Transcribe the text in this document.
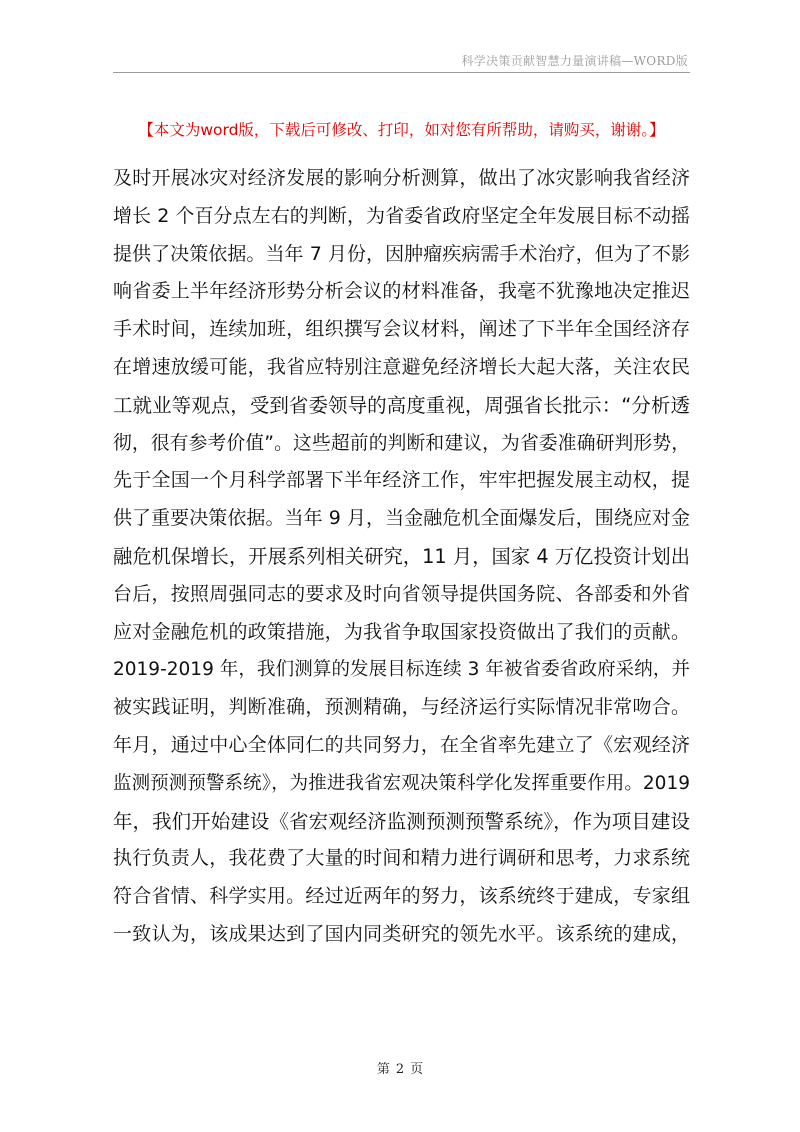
科学决策贡献智慧力量演讲稿—WORD版
【本文为word版，下载后可修改、打印，如对您有所帮助，请购买，谢谢。】
及时开展冰灾对经济发展的影响分析测算，做出了冰灾影响我省经济
增长 2 个百分点左右的判断，为省委省政府坚定全年发展目标不动摇
提供了决策依据。当年 7 月份，因肿瘤疾病需手术治疗，但为了不影
响省委上半年经济形势分析会议的材料准备，我毫不犹豫地决定推迟
手术时间，连续加班，组织撰写会议材料，阐述了下半年全国经济存
在增速放缓可能，我省应特别注意避免经济增长大起大落，关注农民
工就业等观点，受到省委领导的高度重视，周强省长批示：“分析透
彻，很有参考价值”。这些超前的判断和建议，为省委准确研判形势，
先于全国一个月科学部署下半年经济工作，牢牢把握发展主动权，提
供了重要决策依据。当年 9 月，当金融危机全面爆发后，围绕应对金
融危机保增长，开展系列相关研究，11 月，国家 4 万亿投资计划出
台后，按照周强同志的要求及时向省领导提供国务院、各部委和外省
应对金融危机的政策措施，为我省争取国家投资做出了我们的贡献。
2019-2019 年，我们测算的发展目标连续 3 年被省委省政府采纳，并
被实践证明，判断准确，预测精确，与经济运行实际情况非常吻合。
年月，通过中心全体同仁的共同努力，在全省率先建立了《宏观经济
监测预测预警系统》，为推进我省宏观决策科学化发挥重要作用。2019
年，我们开始建设《省宏观经济监测预测预警系统》，作为项目建设
执行负责人，我花费了大量的时间和精力进行调研和思考，力求系统
符合省情、科学实用。经过近两年的努力，该系统终于建成，专家组
一致认为，该成果达到了国内同类研究的领先水平。该系统的建成，
第 2 页
